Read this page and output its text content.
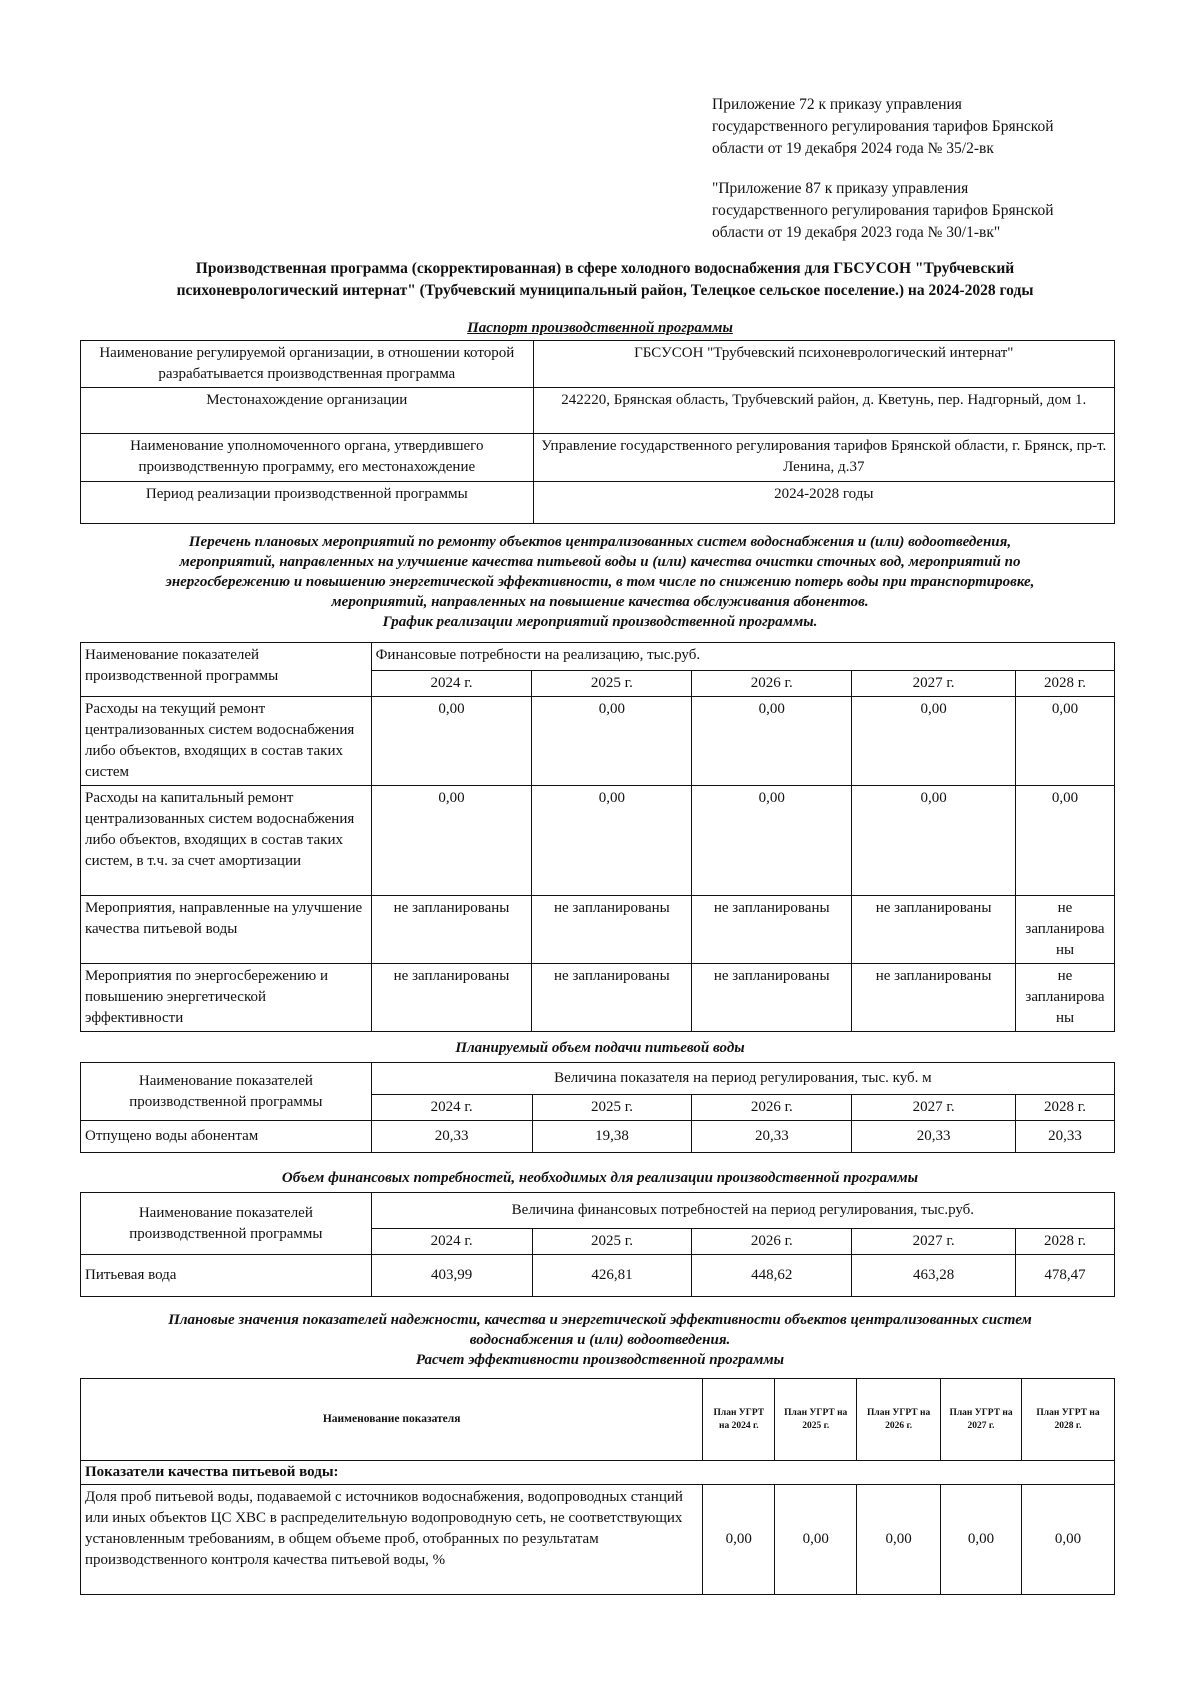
Приложение 72 к приказу управления
государственного регулирования тарифов Брянской
области от 19 декабря 2024 года № 35/2-вк
"Приложение 87 к приказу управления
государственного регулирования тарифов Брянской
области от 19 декабря 2023 года № 30/1-вк"
Производственная программа (скорректированная) в сфере холодного водоснабжения для ГБСУСОН "Трубчевский
психоневрологический интернат" (Трубчевский муниципальный район, Телецкое сельское поселение.) на 2024-2028 годы
Паспорт производственной программы
Наименование регулируемой организации, в отношении которой разрабатывается производственная программа	ГБСУСОН "Трубчевский психоневрологический интернат"
Местонахождение организации	242220, Брянская область, Трубчевский район, д. Кветунь, пер. Надгорный, дом 1.
Наименование уполномоченного органа, утвердившего производственную программу, его местонахождение	Управление государственного регулирования тарифов Брянской области, г. Брянск, пр-т. Ленина, д.37
Период реализации производственной программы	2024-2028 годы
Перечень плановых мероприятий по ремонту объектов централизованных систем водоснабжения и (или) водоотведения,
мероприятий, направленных на улучшение качества питьевой воды и (или) качества очистки сточных вод, мероприятий по
энергосбережению и повышению энергетической эффективности, в том числе по снижению потерь воды при транспортировке,
мероприятий, направленных на повышение качества обслуживания абонентов.
График реализации мероприятий производственной программы.
Наименование показателей производственной программы	Финансовые потребности на реализацию, тыс.руб.				
	2024 г.	2025 г.	2026 г.	2027 г.	2028 г.
Расходы на текущий ремонт централизованных систем водоснабжения либо объектов, входящих в состав таких систем	0,00	0,00	0,00	0,00	0,00
Расходы на капитальный ремонт централизованных систем водоснабжения либо объектов, входящих в состав таких систем, в т.ч. за счет амортизации	0,00	0,00	0,00	0,00	0,00
Мероприятия, направленные на улучшение качества питьевой воды	не запланированы	не запланированы	не запланированы	не запланированы	не запланирова ны
Мероприятия по энергосбережению и повышению энергетической эффективности	не запланированы	не запланированы	не запланированы	не запланированы	не запланирова ны
Планируемый объем подачи питьевой воды
Наименование показателей производственной программы	Величина показателя на период регулирования, тыс. куб. м				
	2024 г.	2025 г.	2026 г.	2027 г.	2028 г.
Отпущено воды абонентам	20,33	19,38	20,33	20,33	20,33
Объем финансовых потребностей, необходимых для реализации производственной программы
Наименование показателей производственной программы	Величина финансовых потребностей на период регулирования, тыс.руб.				
	2024 г.	2025 г.	2026 г.	2027 г.	2028 г.
Питьевая вода	403,99	426,81	448,62	463,28	478,47
Плановые значения показателей надежности, качества и энергетической эффективности объектов централизованных систем
водоснабжения и (или) водоотведения.
Расчет эффективности производственной программы
Наименование показателя	План УГРТ на 2024 г.	План УГРТ на 2025 г.	План УГРТ на 2026 г.	План УГРТ на 2027 г.	План УГРТ на 2028 г.
Показатели качества питьевой воды:					
Доля проб питьевой воды, подаваемой с источников водоснабжения, водопроводных станций или иных объектов ЦС ХВС в распределительную водопроводную сеть, не соответствующих установленным требованиям, в общем объеме проб, отобранных по результатам производственного контроля качества питьевой воды, %	0,00	0,00	0,00	0,00	0,00
